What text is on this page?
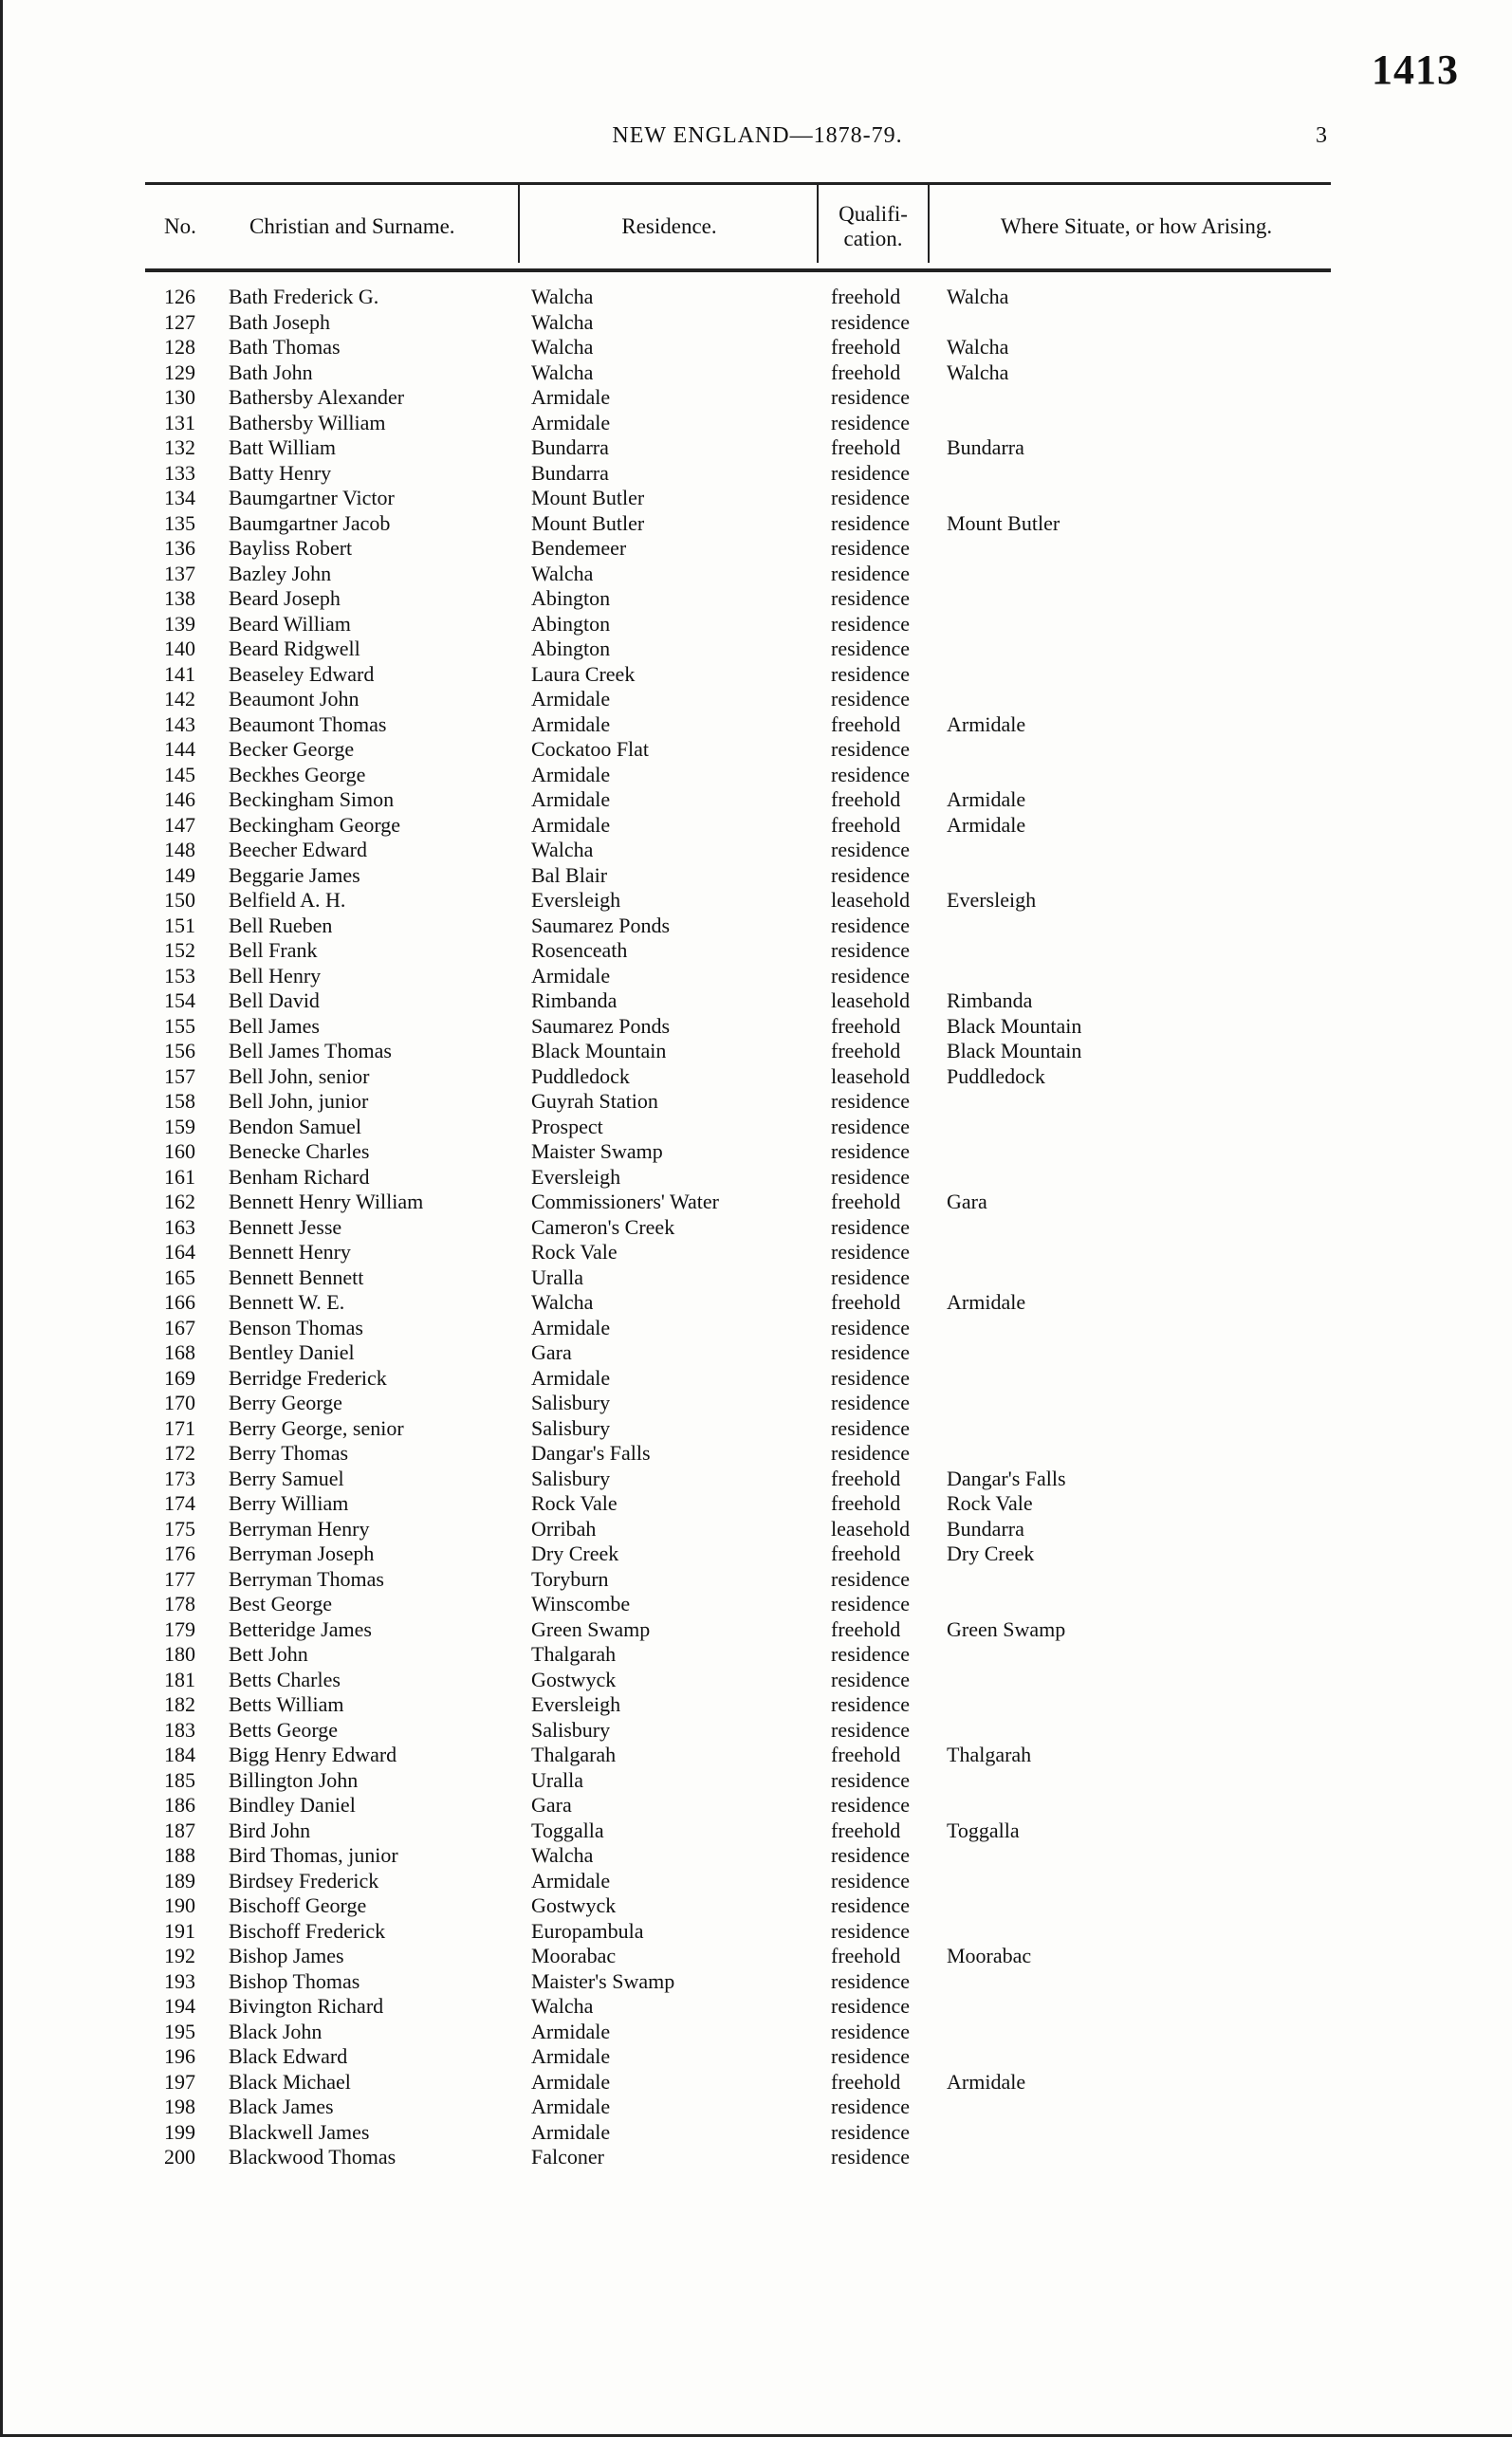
1413
NEW ENGLAND—1878-79.	3
No. Christian and Surname.	Residence.
Qualifi-cation.
Where Situate, or how Arising.
126 Bath Frederick G.	Walcha	freehold Walcha
127 Bath Joseph	Walcha	residence
128 Bath Thomas	Walcha	freehold Walcha
129 Bath John	Walcha	freehold Walcha
130 Bathersby Alexander	Armidale	residence
131 Bathersby William	Armidale	residence
132 Batt William	Bundarra	freehold Bundarra
133 Batty Henry	Bundarra	residence
134 Baumgartner Victor	Mount Butler	residence
135 Baumgartner Jacob	Mount Butler	residence Mount Butler
136 Bayliss Robert	Bendemeer	residence
137 Bazley John	Walcha	residence
138 Beard Joseph	Abington	residence
139 Beard William	Abington	residence
140 Beard Ridgwell	Abington	residence
141 Beaseley Edward	Laura Creek	residence
142 Beaumont John	Armidale	residence
143 Beaumont Thomas	Armidale	freehold Armidale
144 Becker George	Cockatoo Flat	residence
145 Beckhes George	Armidale	residence
146 Beckingham Simon	Armidale	freehold Armidale
147 Beckingham George	Armidale	freehold Armidale
148 Beecher Edward	Walcha	residence
149 Beggarie James	Bal Blair	residence
150 Belfield A. H.	Eversleigh	leasehold Eversleigh
151 Bell Rueben	Saumarez Ponds	residence
152 Bell Frank	Rosenceath	residence
153 Bell Henry	Armidale	residence
154 Bell David	Rimbanda	leasehold Rimbanda
155 Bell James	Saumarez Ponds	freehold Black Mountain
156 Bell James Thomas	Black Mountain	freehold Black Mountain
157 Bell John, senior	Puddledock	leasehold Puddledock
158 Bell John, junior	Guyrah Station	residence
159 Bendon Samuel	Prospect	residence
160 Benecke Charles	Maister Swamp	residence
161 Benham Richard	Eversleigh	residence
162 Bennett Henry William	Commissioners' Water	freehold Gara
163 Bennett Jesse	Cameron's Creek	residence
164 Bennett Henry	Rock Vale	residence
165 Bennett Bennett	Uralla	residence
166 Bennett W. E.	Walcha	freehold Armidale
167 Benson Thomas	Armidale	residence
168 Bentley Daniel	Gara	residence
169 Berridge Frederick	Armidale	residence
170 Berry George	Salisbury	residence
171 Berry George, senior	Salisbury	residence
172 Berry Thomas	Dangar's Falls	residence
173 Berry Samuel	Salisbury	freehold Dangar's Falls
174 Berry William	Rock Vale	freehold Rock Vale
175 Berryman Henry	Orribah	leasehold Bundarra
176 Berryman Joseph	Dry Creek	freehold Dry Creek
177 Berryman Thomas	Toryburn	residence
178 Best George	Winscombe	residence
179 Betteridge James	Green Swamp	freehold Green Swamp
180 Bett John	Thalgarah	residence
181 Betts Charles	Gostwyck	residence
182 Betts William	Eversleigh	residence
183 Betts George	Salisbury	residence
184 Bigg Henry Edward	Thalgarah	freehold Thalgarah
185 Billington John	Uralla	residence
186 Bindley Daniel	Gara	residence
187 Bird John	Toggalla	freehold Toggalla
188 Bird Thomas, junior	Walcha	residence
189 Birdsey Frederick	Armidale	residence
190 Bischoff George	Gostwyck	residence
191 Bischoff Frederick	Europambula	residence
192 Bishop James	Moorabac	freehold Moorabac
193 Bishop Thomas	Maister's Swamp	residence
194 Bivington Richard	Walcha	residence
195 Black John	Armidale	residence
196 Black Edward	Armidale	residence
197 Black Michael	Armidale	freehold Armidale
198 Black James	Armidale	residence
199 Blackwell James	Armidale	residence
200 Blackwood Thomas	Falconer	residence
